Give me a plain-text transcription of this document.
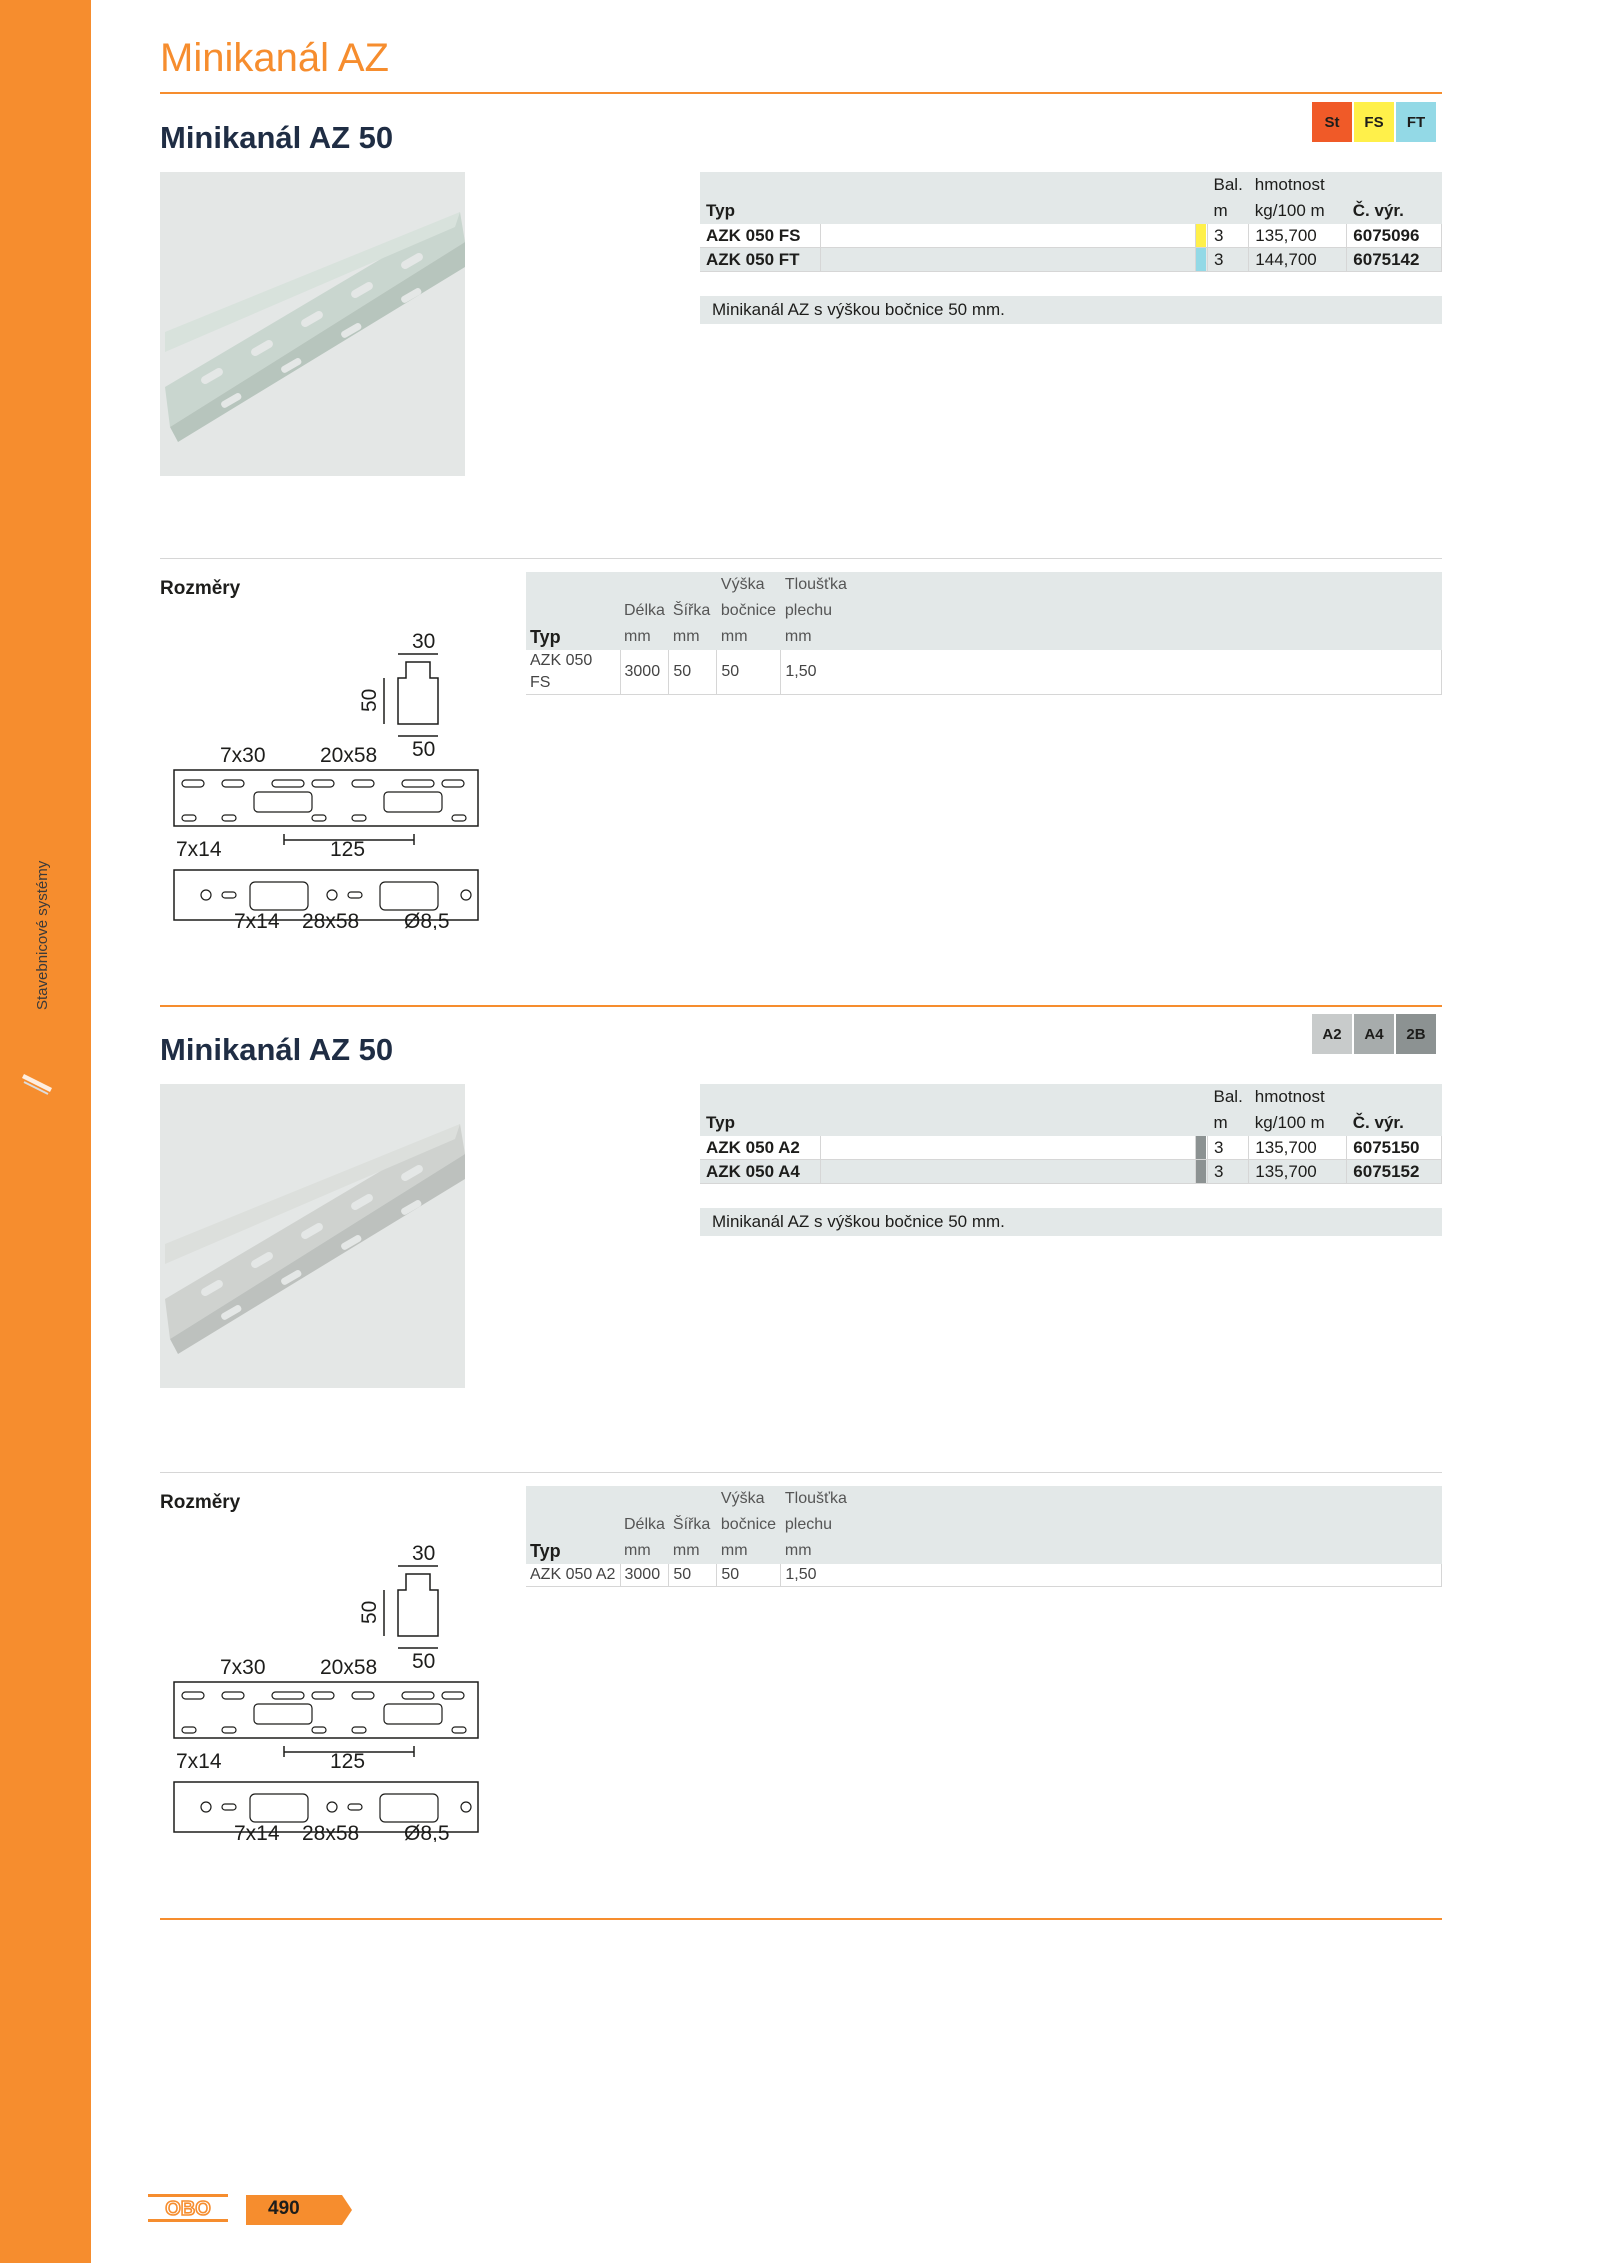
Stavebnicové systémy
Minikanál AZ
Minikanál AZ 50	St	FS	FT
			Bal.	hmotnost	
Typ			m	kg/100 m	Č. výr.
AZK 050 FS			3	135,700	6075096
AZK 050 FT			3	144,700	6075142
Minikanál AZ s výškou bočnice 50 mm.
Rozměry
Typ			Výška	Tloušťka
	Délka	Šířka	bočnice	plechu
	mm	mm	mm	mm
AZK 050 FS	3000	50	50	1,50
30
50
50
7x30	20x58
7x14	125
7x14 28x58 Ø8,5
Minikanál AZ 50	A2	A4	2B
			Bal.	hmotnost	
Typ			m	kg/100 m	Č. výr.
AZK 050 A2			3	135,700	6075150
AZK 050 A4			3	135,700	6075152
Minikanál AZ s výškou bočnice 50 mm.
Rozměry
Typ			Výška	Tloušťka
	Délka	Šířka	bočnice	plechu
	mm	mm	mm	mm
AZK 050 A2	3000	50	50	1,50
30
50
50
7x30	20x58
7x14	125
7x14 28x58 Ø8,5
OBO	490
